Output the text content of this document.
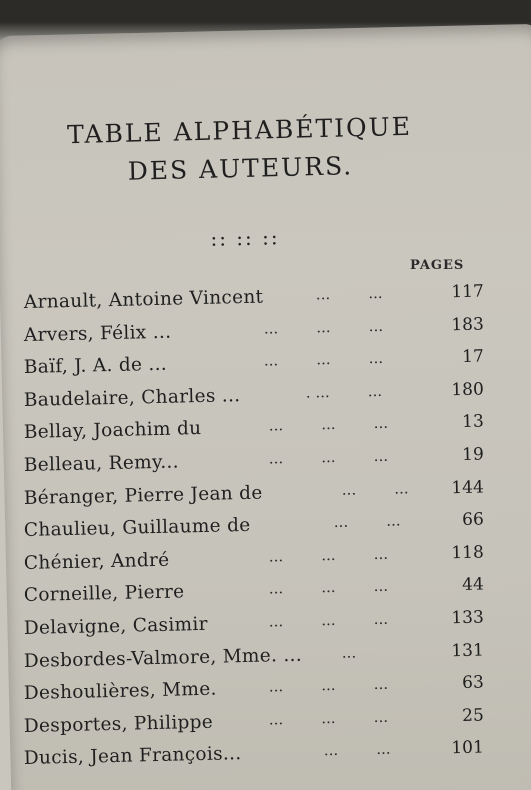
TABLE ALPHABÉTIQUE
DES AUTEURS.
:: :: ::
PAGES
Arnault, Antoine Vincent	...        ...	117
Arvers, Félix ...	...        ...        ...	183
Baïf, J. A. de ...	...        ...        ...	17
Baudelaire, Charles ...	. ...        ...	180
Bellay, Joachim du	...        ...        ...	13
Belleau, Remy...	...        ...        ...	19
Béranger, Pierre Jean de	...        ...	144
Chaulieu, Guillaume de	...        ...	66
Chénier, André	...        ...        ...	118
Corneille, Pierre	...        ...        ...	44
Delavigne, Casimir	...        ...        ...	133
Desbordes-Valmore, Mme. ...	...	131
Deshoulières, Mme.	...        ...        ...	63
Desportes, Philippe	...        ...        ...	25
Ducis, Jean François...	...        ...	101
